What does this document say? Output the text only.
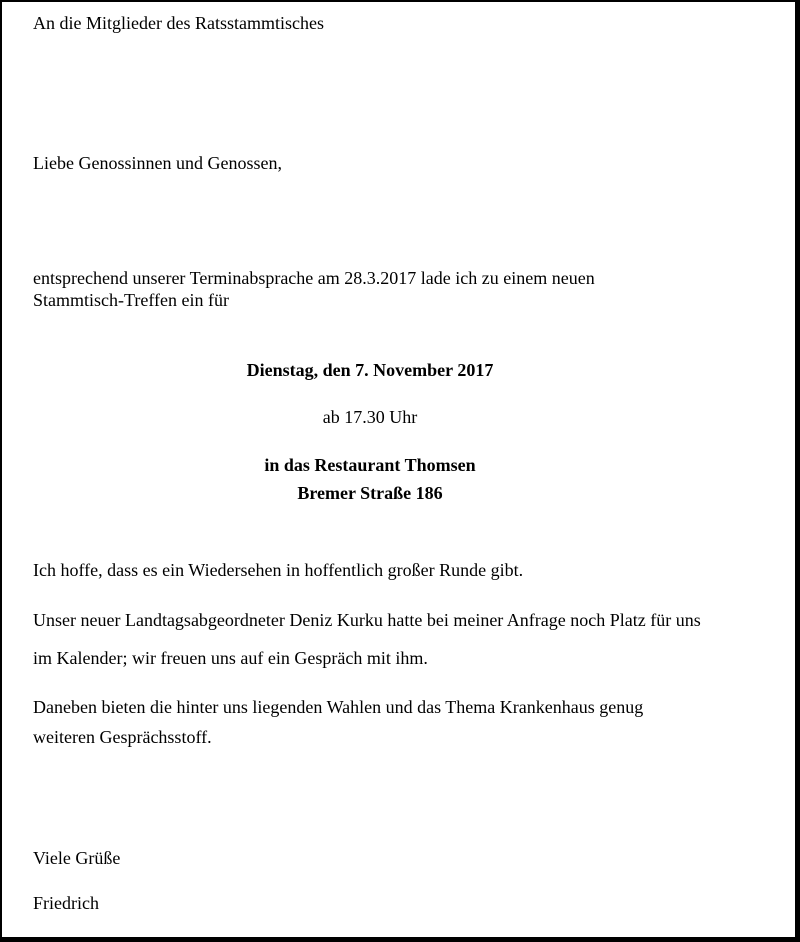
An die Mitglieder des Ratsstammtisches
Liebe Genossinnen und Genossen,
entsprechend unserer Terminabsprache am 28.3.2017 lade ich zu einem neuen
Stammtisch-Treffen ein für
Dienstag, den 7. November 2017
ab 17.30 Uhr
in das Restaurant Thomsen
Bremer Straße 186
Ich hoffe, dass es ein Wiedersehen in hoffentlich großer Runde gibt.
Unser neuer Landtagsabgeordneter Deniz Kurku hatte bei meiner Anfrage noch Platz für uns
im Kalender; wir freuen uns auf ein Gespräch mit ihm.
Daneben bieten die hinter uns liegenden Wahlen und das Thema Krankenhaus genug
weiteren Gesprächsstoff.
Viele Grüße
Friedrich
